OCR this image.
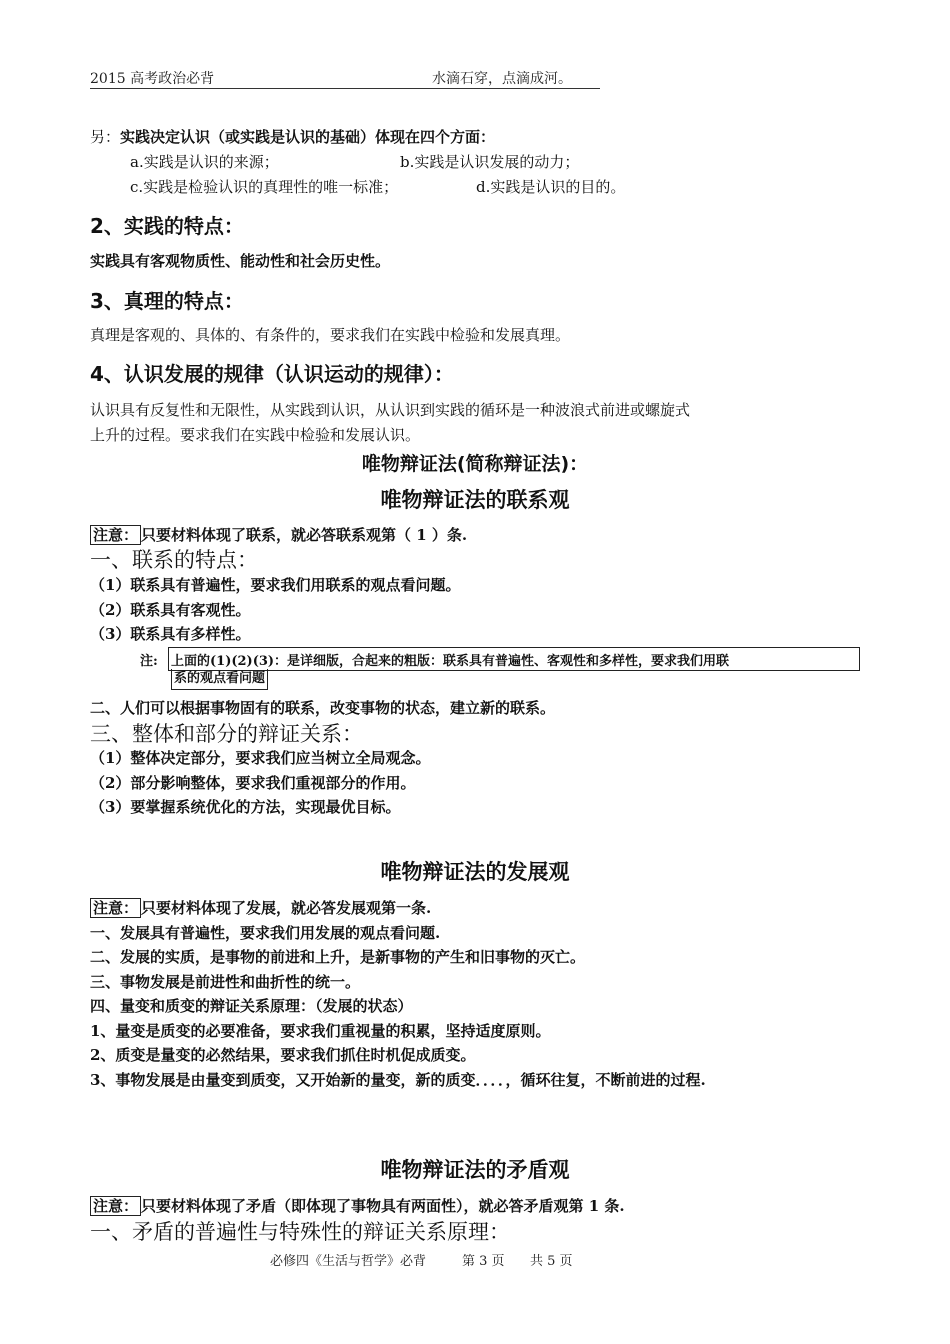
2015 高考政治必背	水滴石穿，点滴成河。
另：实践决定认识（或实践是认识的基础）体现在四个方面：
a.实践是认识的来源；	b.实践是认识发展的动力；
c.实践是检验认识的真理性的唯一标准；	d.实践是认识的目的。
2、实践的特点：
实践具有客观物质性、能动性和社会历史性。
3、真理的特点：
真理是客观的、具体的、有条件的，要求我们在实践中检验和发展真理。
4、认识发展的规律（认识运动的规律）：
认识具有反复性和无限性，从实践到认识，从认识到实践的循环是一种波浪式前进或螺旋式
上升的过程。要求我们在实践中检验和发展认识。
唯物辩证法(简称辩证法)：
唯物辩证法的联系观
注意： 只要材料体现了联系，就必答联系观第（ 1 ）条.
一、联系的特点：
（1）联系具有普遍性，要求我们用联系的观点看问题。
（2）联系具有客观性。
（3）联系具有多样性。
注: 上面的(1)(2)(3)：是详细版，合起来的粗版：联系具有普遍性、客观性和多样性，要求我们用联
系的观点看问题
二、人们可以根据事物固有的联系，改变事物的状态，建立新的联系。
三、整体和部分的辩证关系：
（1）整体决定部分，要求我们应当树立全局观念。
（2）部分影响整体，要求我们重视部分的作用。
（3）要掌握系统优化的方法，实现最优目标。
唯物辩证法的发展观
注意： 只要材料体现了发展，就必答发展观第一条.
一、发展具有普遍性，要求我们用发展的观点看问题.
二、发展的实质，是事物的前进和上升，是新事物的产生和旧事物的灭亡。
三、事物发展是前进性和曲折性的统一。
四、量变和质变的辩证关系原理：（发展的状态）
1、量变是质变的必要准备，要求我们重视量的积累，坚持适度原则。
2、质变是量变的必然结果，要求我们抓住时机促成质变。
3、事物发展是由量变到质变，又开始新的量变，新的质变．．．．，循环往复，不断前进的过程.
唯物辩证法的矛盾观
注意： 只要材料体现了矛盾（即体现了事物具有两面性），就必答矛盾观第 1 条.
一、矛盾的普遍性与特殊性的辩证关系原理：
必修四《生活与哲学》必背	第 3 页 共 5 页
